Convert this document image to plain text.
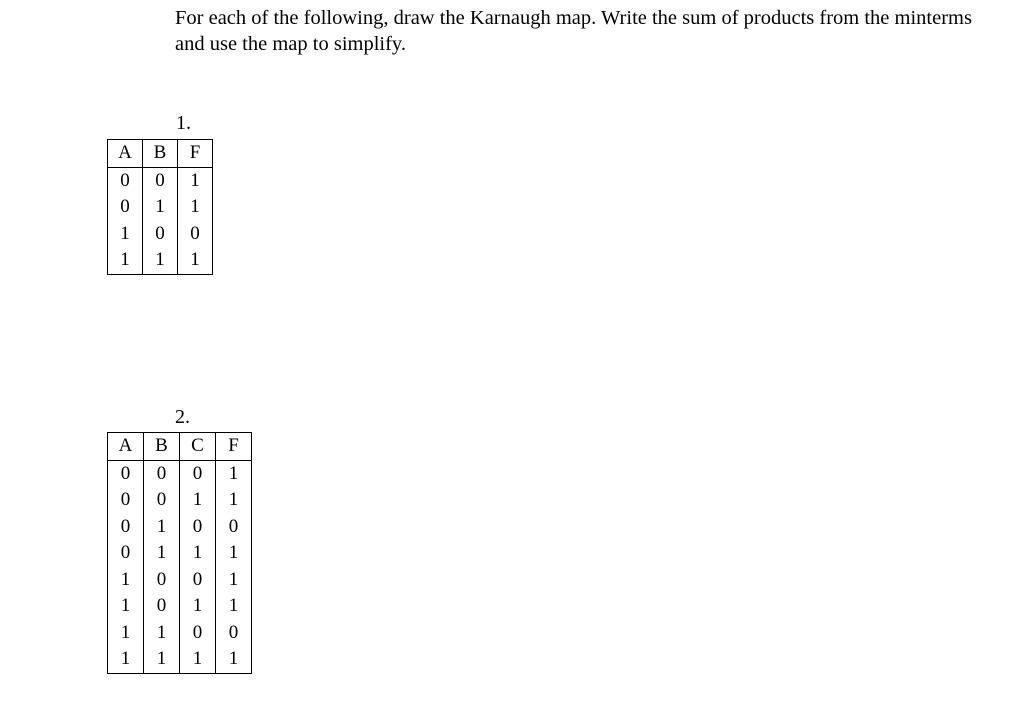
For each of the following, draw the Karnaugh map. Write the sum of products from the minterms and use the map to simplify.

1.

A	B	F
0	0	1
0	1	1
1	0	0
1	1	1

2.

A	B	C	F
0	0	0	1
0	0	1	1
0	1	0	0
0	1	1	1
1	0	0	1
1	0	1	1
1	1	0	0
1	1	1	1
